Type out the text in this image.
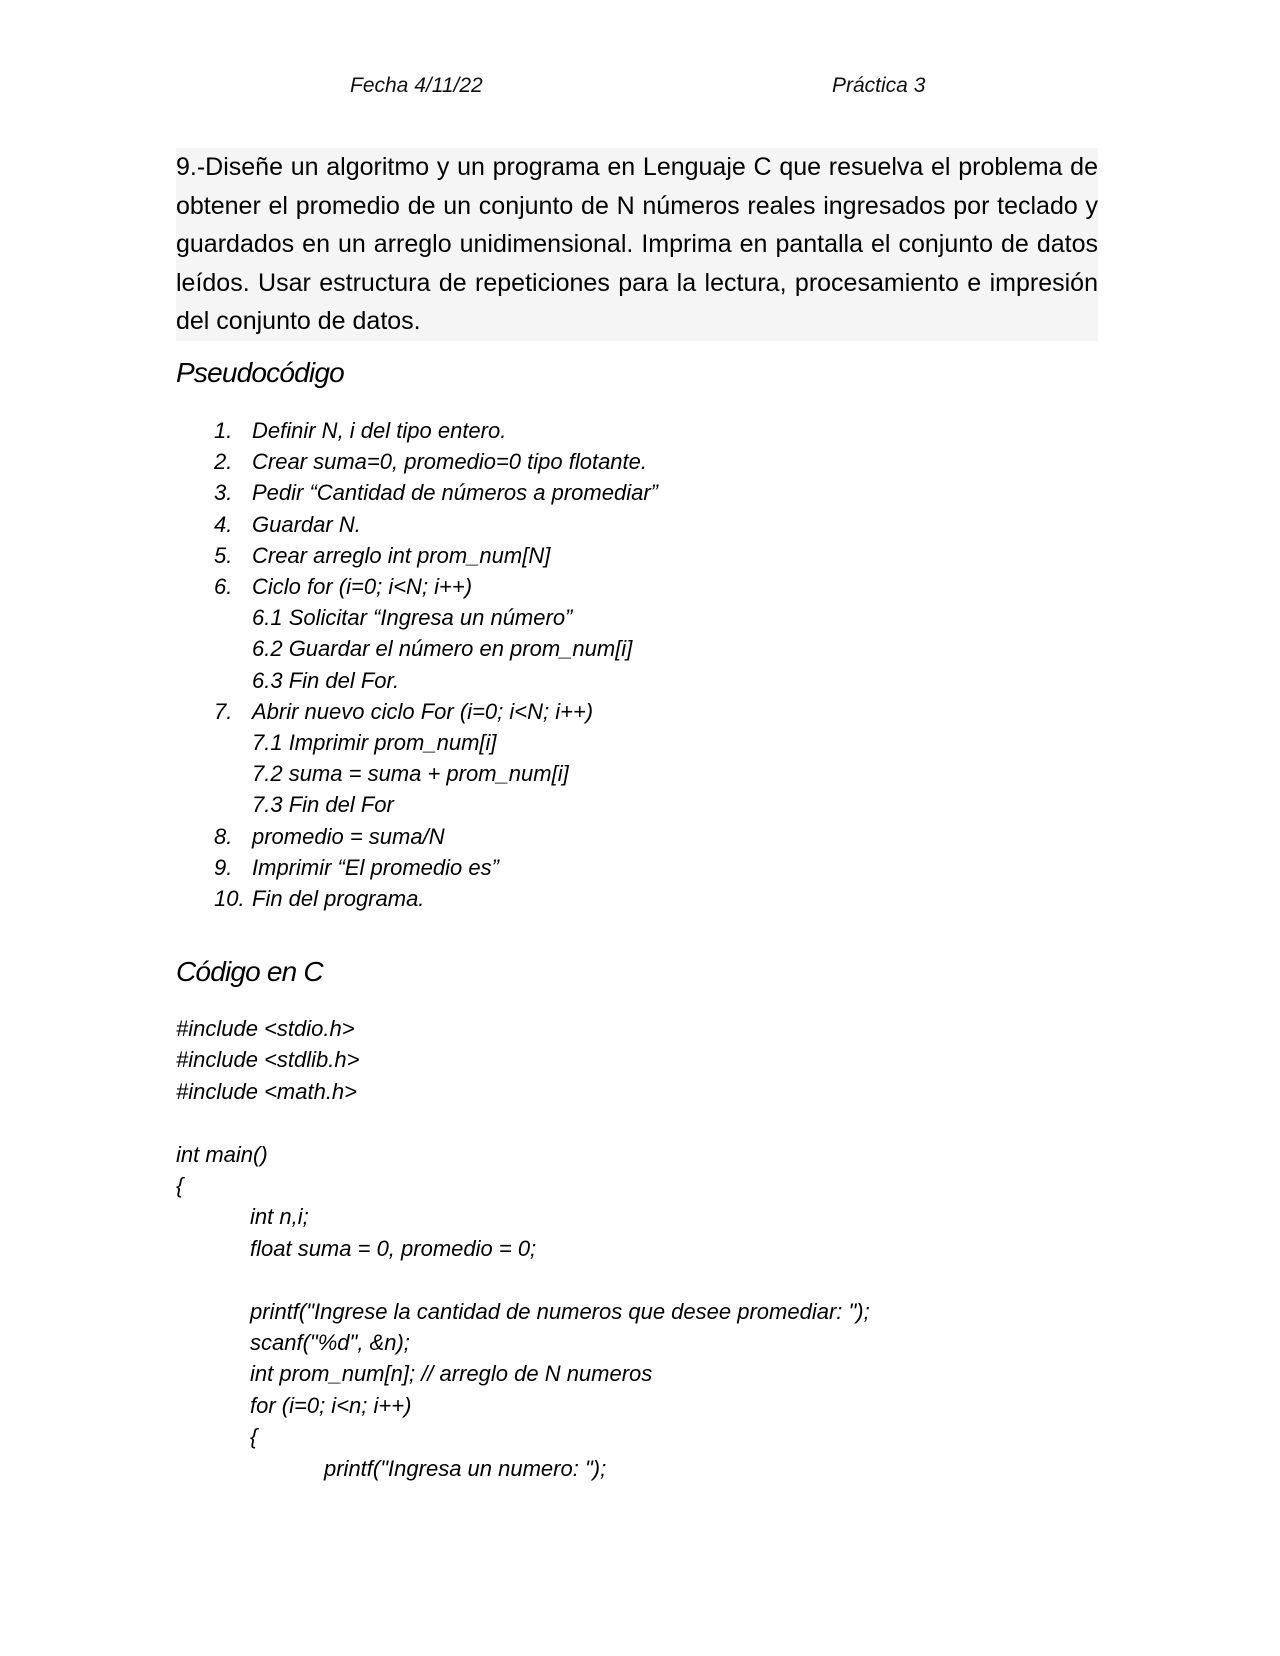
Fecha 4/11/22	Práctica 3

9.-Diseñe un algoritmo y un programa en Lenguaje C que resuelva el problema de obtener el promedio de un conjunto de N números reales ingresados por teclado y guardados en un arreglo unidimensional. Imprima en pantalla el conjunto de datos leídos. Usar estructura de repeticiones para la lectura, procesamiento e impresión del conjunto de datos.

Pseudocódigo
1. Definir N, i del tipo entero.
2. Crear suma=0, promedio=0 tipo flotante.
3. Pedir “Cantidad de números a promediar”
4. Guardar N.
5. Crear arreglo int prom_num[N]
6. Ciclo for (i=0; i<N; i++)
6.1 Solicitar “Ingresa un número”
6.2 Guardar el número en prom_num[i]
6.3 Fin del For.
7. Abrir nuevo ciclo For (i=0; i<N; i++)
7.1 Imprimir prom_num[i]
7.2 suma = suma + prom_num[i]
7.3 Fin del For
8. promedio = suma/N
9. Imprimir “El promedio es”
10. Fin del programa.
Código en C
#include <stdio.h>
#include <stdlib.h>
#include <math.h>
int main()
{
int n,i;
float suma = 0, promedio = 0;
printf("Ingrese la cantidad de numeros que desee promediar: ");
scanf("%d", &n);
int prom_num[n]; // arreglo de N numeros
for (i=0; i<n; i++)
{
printf("Ingresa un numero: ");
